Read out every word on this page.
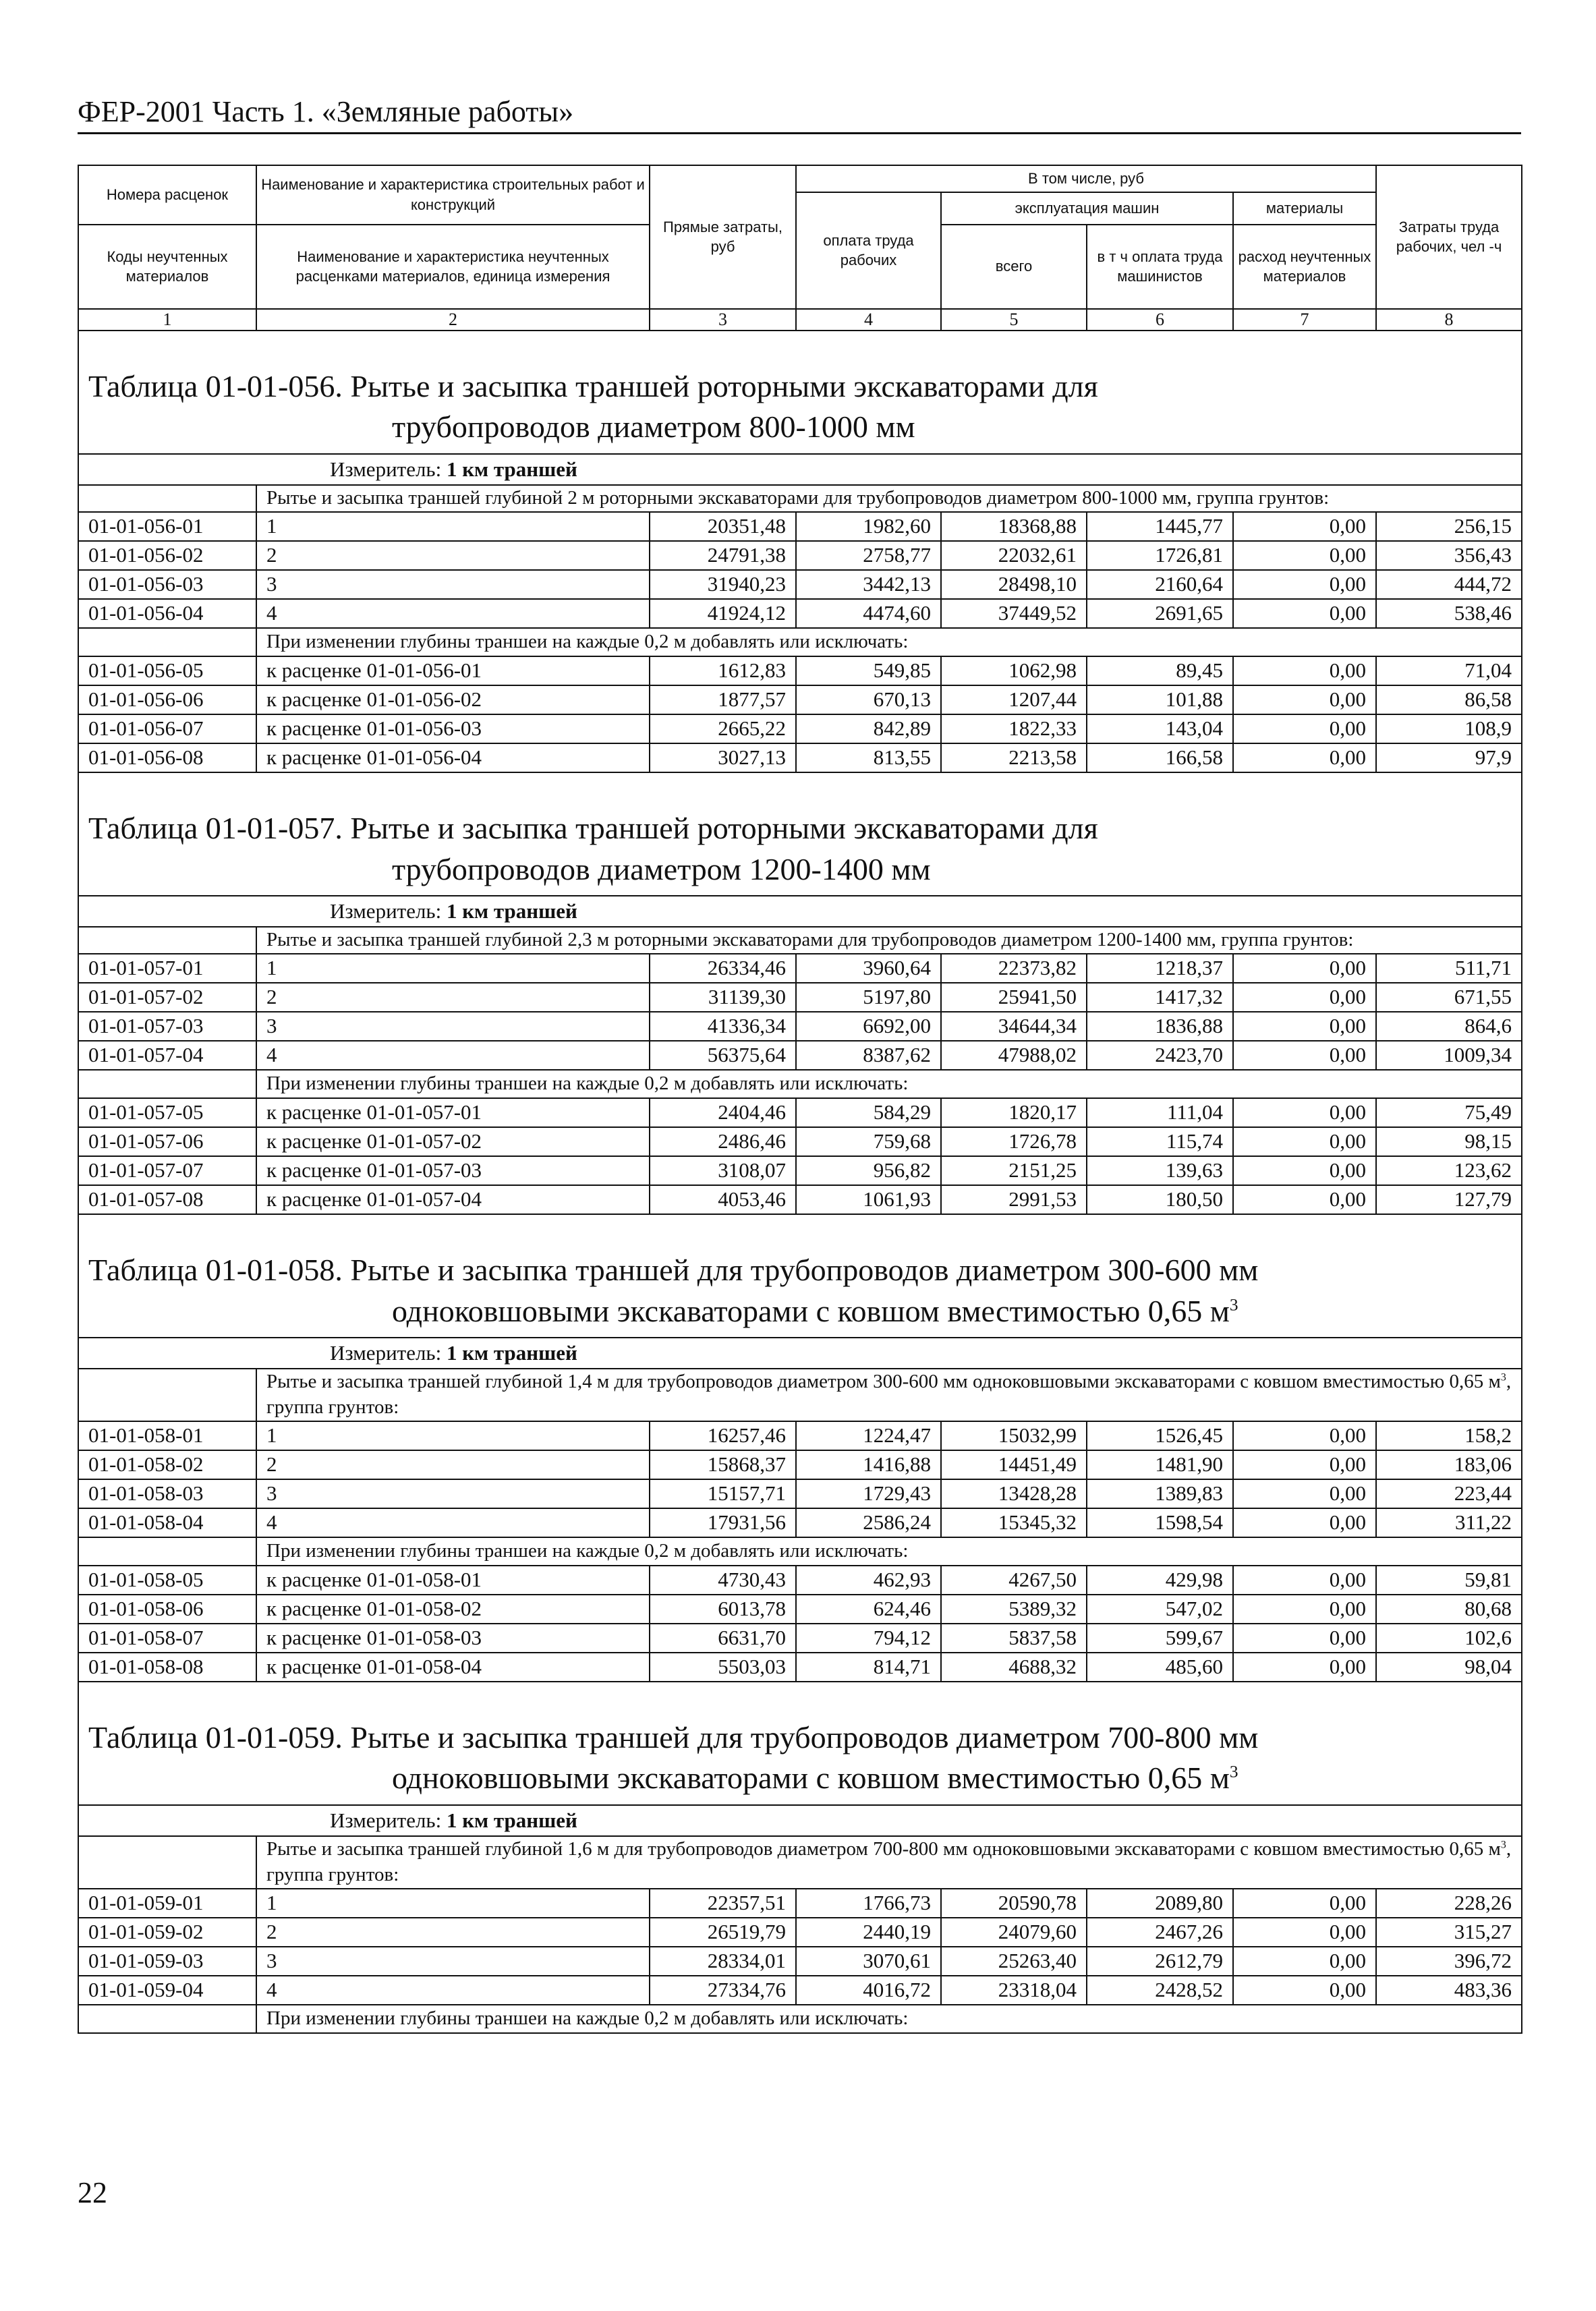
ФЕР-2001 Часть 1. «Земляные работы»
Номера расценок	Наименование и характеристика строительных работ и конструкций	Прямые затраты, руб	В том числе, руб				Затраты труда рабочих, чел -ч
			оплата труда рабочих	эксплуатация машин		материалы	
Коды неучтенных материалов	Наименование и характеристика неучтенных расценками материалов, единица измерения			всего	в т ч оплата труда машинистов	расход неучтенных материалов	

1	2	3	4	5	6	7	8

Таблица 01-01-056. Рытье и засыпка траншей роторными экскаваторами для
трубопроводов диаметром 800-1000 мм							

Измеритель: 1 км траншей							
	Рытье и засыпка траншей глубиной 2 м роторными экскаваторами для трубопроводов диаметром 800-1000 мм, группа грунтов:						
01-01-056-01	1	20351,48	1982,60	18368,88	1445,77	0,00	256,15
01-01-056-02	2	24791,38	2758,77	22032,61	1726,81	0,00	356,43
01-01-056-03	3	31940,23	3442,13	28498,10	2160,64	0,00	444,72
01-01-056-04	4	41924,12	4474,60	37449,52	2691,65	0,00	538,46
	При изменении глубины траншеи на каждые 0,2 м добавлять или исключать:						
01-01-056-05	к расценке 01-01-056-01	1612,83	549,85	1062,98	89,45	0,00	71,04
01-01-056-06	к расценке 01-01-056-02	1877,57	670,13	1207,44	101,88	0,00	86,58
01-01-056-07	к расценке 01-01-056-03	2665,22	842,89	1822,33	143,04	0,00	108,9
01-01-056-08	к расценке 01-01-056-04	3027,13	813,55	2213,58	166,58	0,00	97,9

Таблица 01-01-057. Рытье и засыпка траншей роторными экскаваторами для
трубопроводов диаметром 1200-1400 мм							

Измеритель: 1 км траншей							
	Рытье и засыпка траншей глубиной 2,3 м роторными экскаваторами для трубопроводов диаметром 1200-1400 мм, группа грунтов:						
01-01-057-01	1	26334,46	3960,64	22373,82	1218,37	0,00	511,71
01-01-057-02	2	31139,30	5197,80	25941,50	1417,32	0,00	671,55
01-01-057-03	3	41336,34	6692,00	34644,34	1836,88	0,00	864,6
01-01-057-04	4	56375,64	8387,62	47988,02	2423,70	0,00	1009,34
	При изменении глубины траншеи на каждые 0,2 м добавлять или исключать:						
01-01-057-05	к расценке 01-01-057-01	2404,46	584,29	1820,17	111,04	0,00	75,49
01-01-057-06	к расценке 01-01-057-02	2486,46	759,68	1726,78	115,74	0,00	98,15
01-01-057-07	к расценке 01-01-057-03	3108,07	956,82	2151,25	139,63	0,00	123,62
01-01-057-08	к расценке 01-01-057-04	4053,46	1061,93	2991,53	180,50	0,00	127,79

Таблица 01-01-058. Рытье и засыпка траншей для трубопроводов диаметром 300-600 мм
одноковшовыми экскаваторами с ковшом вместимостью 0,65 $м^3$

Измеритель: 1 км траншей							
	Рытье и засыпка траншей глубиной 1,4 м для трубопроводов диаметром 300-600 мм одноковшовыми экскаваторами с ковшом вместимостью 0,65 $м^3$, группа грунтов:						
01-01-058-01	1	16257,46	1224,47	15032,99	1526,45	0,00	158,2
01-01-058-02	2	15868,37	1416,88	14451,49	1481,90	0,00	183,06
01-01-058-03	3	15157,71	1729,43	13428,28	1389,83	0,00	223,44
01-01-058-04	4	17931,56	2586,24	15345,32	1598,54	0,00	311,22
	При изменении глубины траншеи на каждые 0,2 м добавлять или исключать:						
01-01-058-05	к расценке 01-01-058-01	4730,43	462,93	4267,50	429,98	0,00	59,81
01-01-058-06	к расценке 01-01-058-02	6013,78	624,46	5389,32	547,02	0,00	80,68
01-01-058-07	к расценке 01-01-058-03	6631,70	794,12	5837,58	599,67	0,00	102,6
01-01-058-08	к расценке 01-01-058-04	5503,03	814,71	4688,32	485,60	0,00	98,04

Таблица 01-01-059. Рытье и засыпка траншей для трубопроводов диаметром 700-800 мм
одноковшовыми экскаваторами с ковшом вместимостью 0,65 $м^3$

Измеритель: 1 км траншей							
	Рытье и засыпка траншей глубиной 1,6 м для трубопроводов диаметром 700-800 мм одноковшовыми экскаваторами с ковшом вместимостью 0,65 $м^3$, группа грунтов:						
01-01-059-01	1	22357,51	1766,73	20590,78	2089,80	0,00	228,26
01-01-059-02	2	26519,79	2440,19	24079,60	2467,26	0,00	315,27
01-01-059-03	3	28334,01	3070,61	25263,40	2612,79	0,00	396,72
01-01-059-04	4	27334,76	4016,72	23318,04	2428,52	0,00	483,36
	При изменении глубины траншеи на каждые 0,2 м добавлять или исключать:						
22
